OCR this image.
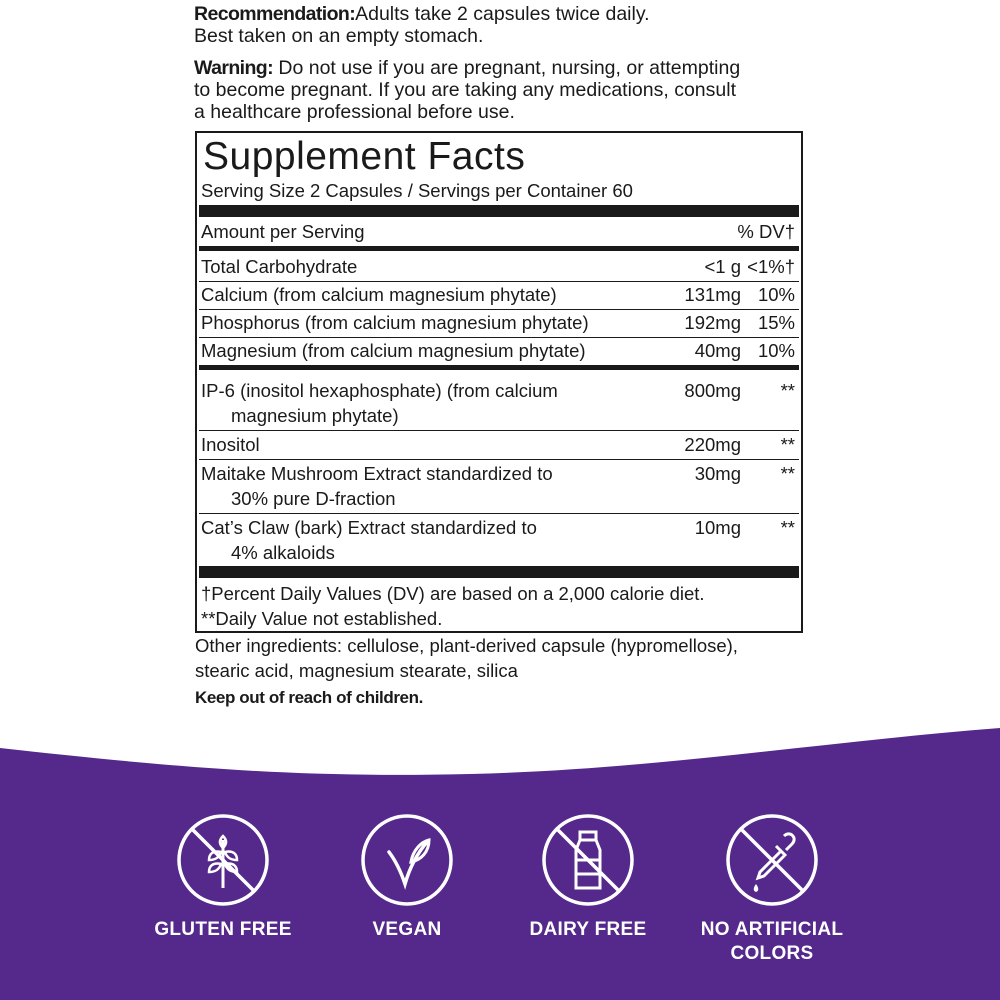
Recommendation:Adults take 2 capsules twice daily.
Best taken on an empty stomach.
Warning: Do not use if you are pregnant, nursing, or attempting
to become pregnant. If you are taking any medications, consult
a healthcare professional before use.
Supplement Facts
Serving Size 2 Capsules / Servings per Container 60
Amount per Serving	% DV†
Total Carbohydrate	<1 g <1%†
Calcium (from calcium magnesium phytate)	131mg 10%
Phosphorus (from calcium magnesium phytate)	192mg 15%
Magnesium (from calcium magnesium phytate)	40mg 10%
IP-6 (inositol hexaphosphate) (from calcium
magnesium phytate)
800mg	**
Inositol	220mg	**
Maitake Mushroom Extract standardized to
30% pure D-fraction
30mg	**
Cat’s Claw (bark) Extract standardized to
4% alkaloids
10mg	**
†Percent Daily Values (DV) are based on a 2,000 calorie diet.
**Daily Value not established.
Other ingredients: cellulose, plant-derived capsule (hypromellose),
stearic acid, magnesium stearate, silica
Keep out of reach of children.
GLUTEN FREE	VEGAN	DAIRY FREE	NO ARTIFICIAL
COLORS
